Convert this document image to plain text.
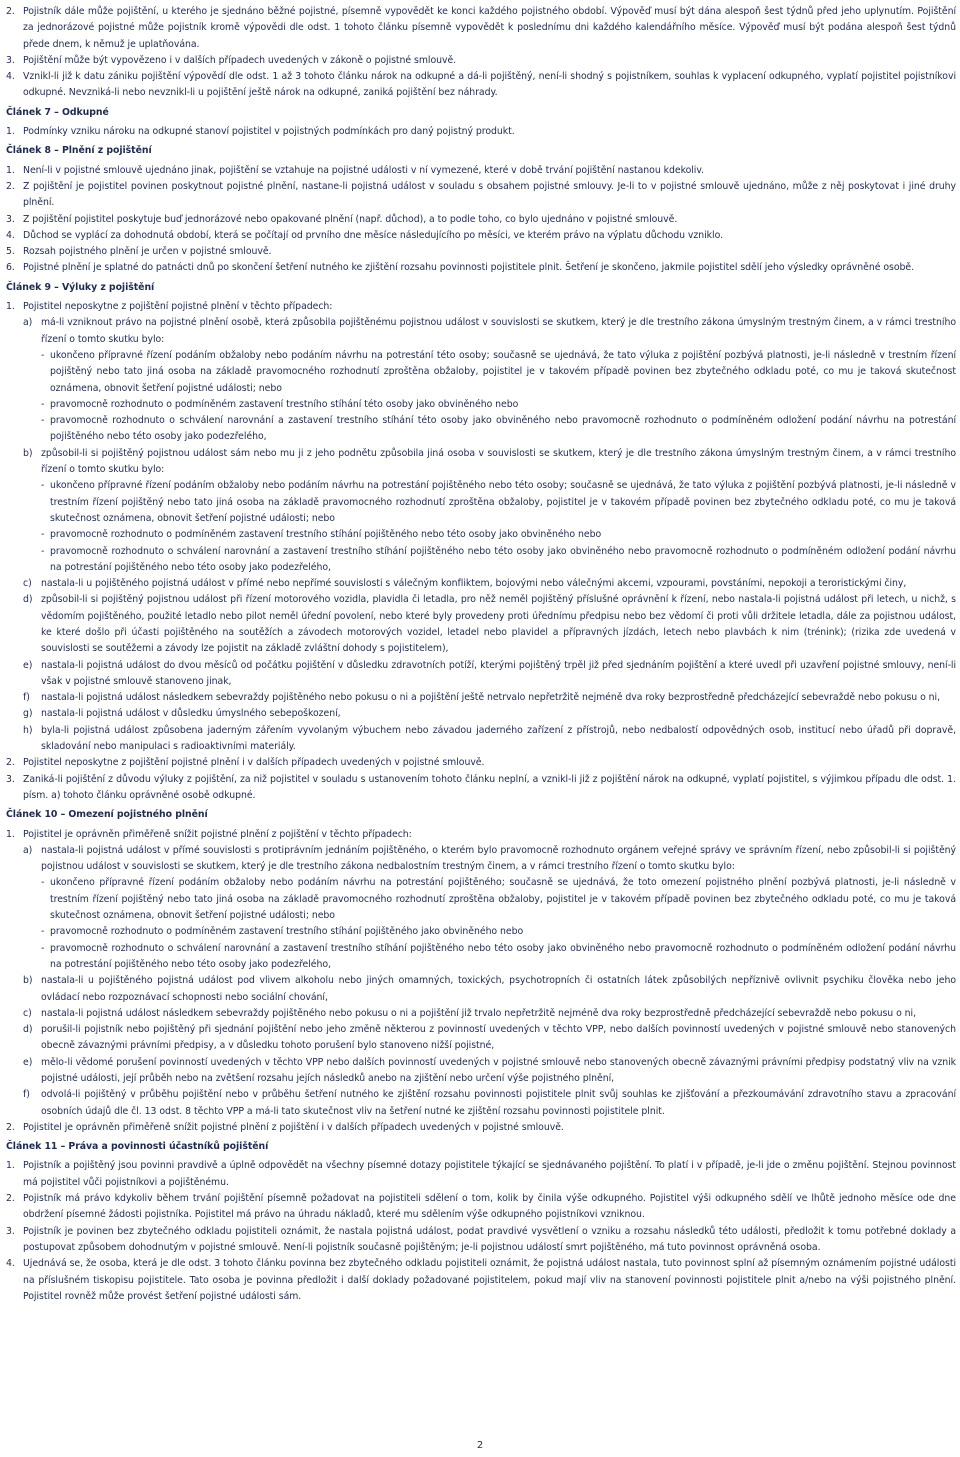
2. Pojistník dále může pojištění, u kterého je sjednáno běžné pojistné, písemně vypovědět ke konci každého pojistného období. Výpověď musí být dána alespoň šest týdnů před jeho uplynutím. Pojištění za jednorázové pojistné může pojistník kromě výpovědi dle odst. 1 tohoto článku písemně vypovědět k poslednímu dni každého kalendářního měsíce. Výpověď musí být podána alespoň šest týdnů přede dnem, k němuž je uplatňována.
3. Pojištění může být vypovězeno i v dalších případech uvedených v zákoně o pojistné smlouvě.
4. Vznikl-li již k datu zániku pojištění výpovědí dle odst. 1 až 3 tohoto článku nárok na odkupné a dá-li pojištěný, není-li shodný s pojistníkem, souhlas k vyplacení odkupného, vyplatí pojistitel pojistníkovi odkupné. Nevzniká-li nebo nevznikl-li u pojištění ještě nárok na odkupné, zaniká pojištění bez náhrady.
Článek 7 – Odkupné
1. Podmínky vzniku nároku na odkupné stanoví pojistitel v pojistných podmínkách pro daný pojistný produkt.
Článek 8 – Plnění z pojištění
1. Není-li v pojistné smlouvě ujednáno jinak, pojištění se vztahuje na pojistné události v ní vymezené, které v době trvání pojištění nastanou kdekoliv.
2. Z pojištění je pojistitel povinen poskytnout pojistné plnění, nastane-li pojistná událost v souladu s obsahem pojistné smlouvy. Je-li to v pojistné smlouvě ujednáno, může z něj poskytovat i jiné druhy plnění.
3. Z pojištění pojistitel poskytuje buď jednorázové nebo opakované plnění (např. důchod), a to podle toho, co bylo ujednáno v pojistné smlouvě.
4. Důchod se vyplácí za dohodnutá období, která se počítají od prvního dne měsíce následujícího po měsíci, ve kterém právo na výplatu důchodu vzniklo.
5. Rozsah pojistného plnění je určen v pojistné smlouvě.
6. Pojistné plnění je splatné do patnácti dnů po skončení šetření nutného ke zjištění rozsahu povinnosti pojistitele plnit. Šetření je skončeno, jakmile pojistitel sdělí jeho výsledky oprávněné osobě.
Článek 9 – Výluky z pojištění
1. Pojistitel neposkytne z pojištění pojistné plnění v těchto případech:
a) má-li vzniknout právo na pojistné plnění osobě, která způsobila pojištěnému pojistnou událost v souvislosti se skutkem, který je dle trestního zákona úmyslným trestným činem, a v rámci trestního řízení o tomto skutku bylo:
- ukončeno přípravné řízení podáním obžaloby nebo podáním návrhu na potrestání této osoby; současně se ujednává, že tato výluka z pojištění pozbývá platnosti, je-li následně v trestním řízení pojištěný nebo tato jiná osoba na základě pravomocného rozhodnutí zproštěna obžaloby, pojistitel je v takovém případě povinen bez zbytečného odkladu poté, co mu je taková skutečnost oznámena, obnovit šetření pojistné události; nebo
- pravomocně rozhodnuto o podmíněném zastavení trestního stíhání této osoby jako obviněného nebo
- pravomocně rozhodnuto o schválení narovnání a zastavení trestního stíhání této osoby jako obviněného nebo pravomocně rozhodnuto o podmíněném odložení podání návrhu na potrestání pojištěného nebo této osoby jako podezřelého,
b) způsobil-li si pojištěný pojistnou událost sám nebo mu ji z jeho podnětu způsobila jiná osoba v souvislosti se skutkem, který je dle trestního zákona úmyslným trestným činem, a v rámci trestního řízení o tomto skutku bylo:
- ukončeno přípravné řízení podáním obžaloby nebo podáním návrhu na potrestání pojištěného nebo této osoby; současně se ujednává, že tato výluka z pojištění pozbývá platnosti, je-li následně v trestním řízení pojištěný nebo tato jiná osoba na základě pravomocného rozhodnutí zproštěna obžaloby, pojistitel je v takovém případě povinen bez zbytečného odkladu poté, co mu je taková skutečnost oznámena, obnovit šetření pojistné události; nebo
- pravomocně rozhodnuto o podmíněném zastavení trestního stíhání pojištěného nebo této osoby jako obviněného nebo
- pravomocně rozhodnuto o schválení narovnání a zastavení trestního stíhání pojištěného nebo této osoby jako obviněného nebo pravomocně rozhodnuto o podmíněném odložení podání návrhu na potrestání pojištěného nebo této osoby jako podezřelého,
c) nastala-li u pojištěného pojistná událost v přímé nebo nepřímé souvislosti s válečným konfliktem, bojovými nebo válečnými akcemi, vzpourami, povstáními, nepokoji a teroristickými činy,
d) způsobil-li si pojištěný pojistnou událost při řízení motorového vozidla, plavidla či letadla, pro něž neměl pojištěný příslušné oprávnění k řízení, nebo nastala-li pojistná událost při letech, u nichž, s vědomím pojištěného, použité letadlo nebo pilot neměl úřední povolení, nebo které byly provedeny proti úřednímu předpisu nebo bez vědomí či proti vůli držitele letadla, dále za pojistnou událost, ke které došlo při účasti pojištěného na soutěžích a závodech motorových vozidel, letadel nebo plavidel a přípravných jízdách, letech nebo plavbách k nim (trénink); (rizika zde uvedená v souvislosti se soutěžemi a závody lze pojistit na základě zvláštní dohody s pojistitelem),
e) nastala-li pojistná událost do dvou měsíců od počátku pojištění v důsledku zdravotních potíží, kterými pojištěný trpěl již před sjednáním pojištění a které uvedl při uzavření pojistné smlouvy, není-li však v pojistné smlouvě stanoveno jinak,
f)	nastala-li pojistná událost následkem sebevraždy pojištěného nebo pokusu o ni a pojištění ještě netrvalo nepřetržitě nejméně dva roky bezprostředně předcházející sebevraždě nebo pokusu o ni,
g) nastala-li pojistná událost v důsledku úmyslného sebepoškození,
h) byla-li pojistná událost způsobena jaderným zářením vyvolaným výbuchem nebo závadou jaderného zařízení z přístrojů, nebo nedbalostí odpovědných osob, institucí nebo úřadů při dopravě, skladování nebo manipulaci s radioaktivními materiály.
2. Pojistitel neposkytne z pojištění pojistné plnění i v dalších případech uvedených v pojistné smlouvě.
3. Zaniká-li pojištění z důvodu výluky z pojištění, za niž pojistitel v souladu s ustanovením tohoto článku neplní, a vznikl-li již z pojištění nárok na odkupné, vyplatí pojistitel, s výjimkou případu dle odst. 1. písm. a) tohoto článku oprávněné osobě odkupné.
Článek 10 – Omezení pojistného plnění
1. Pojistitel je oprávněn přiměřeně snížit pojistné plnění z pojištění v těchto případech:
a) nastala-li pojistná událost v přímé souvislosti s protiprávním jednáním pojištěného, o kterém bylo pravomocně rozhodnuto orgánem veřejné správy ve správním řízení, nebo způsobil-li si pojištěný pojistnou událost v souvislosti se skutkem, který je dle trestního zákona nedbalostním trestným činem, a v rámci trestního řízení o tomto skutku bylo:
- ukončeno přípravné řízení podáním obžaloby nebo podáním návrhu na potrestání pojištěného; současně se ujednává, že toto omezení pojistného plnění pozbývá platnosti, je-li následně v trestním řízení pojištěný nebo tato jiná osoba na základě pravomocného rozhodnutí zproštěna obžaloby, pojistitel je v takovém případě povinen bez zbytečného odkladu poté, co mu je taková skutečnost oznámena, obnovit šetření pojistné události; nebo
- pravomocně rozhodnuto o podmíněném zastavení trestního stíhání pojištěného jako obviněného nebo
- pravomocně rozhodnuto o schválení narovnání a zastavení trestního stíhání pojištěného nebo této osoby jako obviněného nebo pravomocně rozhodnuto o podmíněném odložení podání návrhu na potrestání pojištěného nebo této osoby jako podezřelého,
b) nastala-li u pojištěného pojistná událost pod vlivem alkoholu nebo jiných omamných, toxických, psychotropních či ostatních látek způsobilých nepříznivě ovlivnit psychiku člověka nebo jeho ovládací nebo rozpoznávací schopnosti nebo sociální chování,
c) nastala-li pojistná událost následkem sebevraždy pojištěného nebo pokusu o ni a pojištění již trvalo nepřetržitě nejméně dva roky bezprostředně předcházející sebevraždě nebo pokusu o ni,
d) porušil-li pojistník nebo pojištěný při sjednání pojištění nebo jeho změně některou z povinností uvedených v těchto VPP, nebo dalších povinností uvedených v pojistné smlouvě nebo stanovených obecně závaznými právními předpisy, a v důsledku tohoto porušení bylo stanoveno nižší pojistné,
e) mělo-li vědomé porušení povinností uvedených v těchto VPP nebo dalších povinností uvedených v pojistné smlouvě nebo stanovených obecně závaznými právními předpisy podstatný vliv na vznik pojistné události, její průběh nebo na zvětšení rozsahu jejích následků anebo na zjištění nebo určení výše pojistného plnění,
f)	odvolá-li pojištěný v průběhu pojištění nebo v průběhu šetření nutného ke zjištění rozsahu povinnosti pojistitele plnit svůj souhlas ke zjišťování a přezkoumávání zdravotního stavu a zpracování osobních údajů dle čl. 13 odst. 8 těchto VPP a má-li tato skutečnost vliv na šetření nutné ke zjištění rozsahu povinnosti pojistitele plnit.
2. Pojistitel je oprávněn přiměřeně snížit pojistné plnění z pojištění i v dalších případech uvedených v pojistné smlouvě.
Článek 11 – Práva a povinnosti účastníků pojištění
1. Pojistník a pojištěný jsou povinni pravdivě a úplně odpovědět na všechny písemné dotazy pojistitele týkající se sjednávaného pojištění. To platí i v případě, je-li jde o změnu pojištění. Stejnou povinnost má pojistitel vůči pojistníkovi a pojištěnému.
2. Pojistník má právo kdykoliv během trvání pojištění písemně požadovat na pojistiteli sdělení o tom, kolik by činila výše odkupného. Pojistitel výši odkupného sdělí ve lhůtě jednoho měsíce ode dne obdržení písemné žádosti pojistníka. Pojistitel má právo na úhradu nákladů, které mu sdělením výše odkupného pojistníkovi vzniknou.
3. Pojistník je povinen bez zbytečného odkladu pojistiteli oznámit, že nastala pojistná událost, podat pravdivé vysvětlení o vzniku a rozsahu následků této události, předložit k tomu potřebné doklady a postupovat způsobem dohodnutým v pojistné smlouvě. Není-li pojistník současně pojištěným; je-li pojistnou událostí smrt pojištěného, má tuto povinnost oprávněná osoba.
4. Ujednává se, že osoba, která je dle odst. 3 tohoto článku povinna bez zbytečného odkladu pojistiteli oznámit, že pojistná událost nastala, tuto povinnost splní až písemným oznámením pojistné události na příslušném tiskopisu pojistitele. Tato osoba je povinna předložit i další doklady požadované pojistitelem, pokud mají vliv na stanovení povinnosti pojistitele plnit a/nebo na výši pojistného plnění. Pojistitel rovněž může provést šetření pojistné události sám.
2
